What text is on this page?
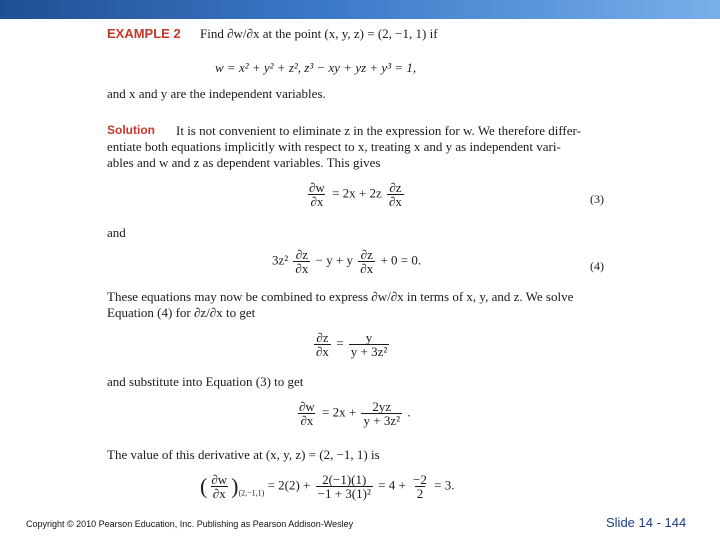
EXAMPLE 2 Find ∂w/∂x at the point (x, y, z) = (2, −1, 1) if
w = x² + y² + z², z³ − xy + yz + y³ = 1,
and x and y are the independent variables.
Solution It is not convenient to eliminate z in the expression for w. We therefore differ-
entiate both equations implicitly with respect to x, treating x and y as independent vari-
ables and w and z as dependent variables. This gives
$\frac{\partial w}{\partial x} = 2x + 2z \frac{\partial z}{\partial x}$	(3)
and
$3z^2 \frac{\partial z}{\partial x} - y + y \frac{\partial z}{\partial x} + 0 = 0$.	(4)
These equations may now be combined to express ∂w/∂x in terms of x, y, and z. We solve
Equation (4) for ∂z/∂x to get
$\frac{\partial z}{\partial x} = \frac{y}{\text{y + 3z²}}$
and substitute into Equation (3) to get
$\frac{\partial w}{\partial x} = 2x + \frac{2yz}{\text{y + 3z²}}$ .
The value of this derivative at (x, y, z) = (2, −1, 1) is
( $\frac{\partial w}{\partial x} )_{(2,-1,1)} = 2(2) + \frac{2(-1)(1)}{\text{−1 + 3(1)²}} = 4 + \frac{-2}{2} = 3$.
Copyright © 2010 Pearson Education, Inc. Publishing as Pearson Addison-Wesley	Slide 14 - 144
